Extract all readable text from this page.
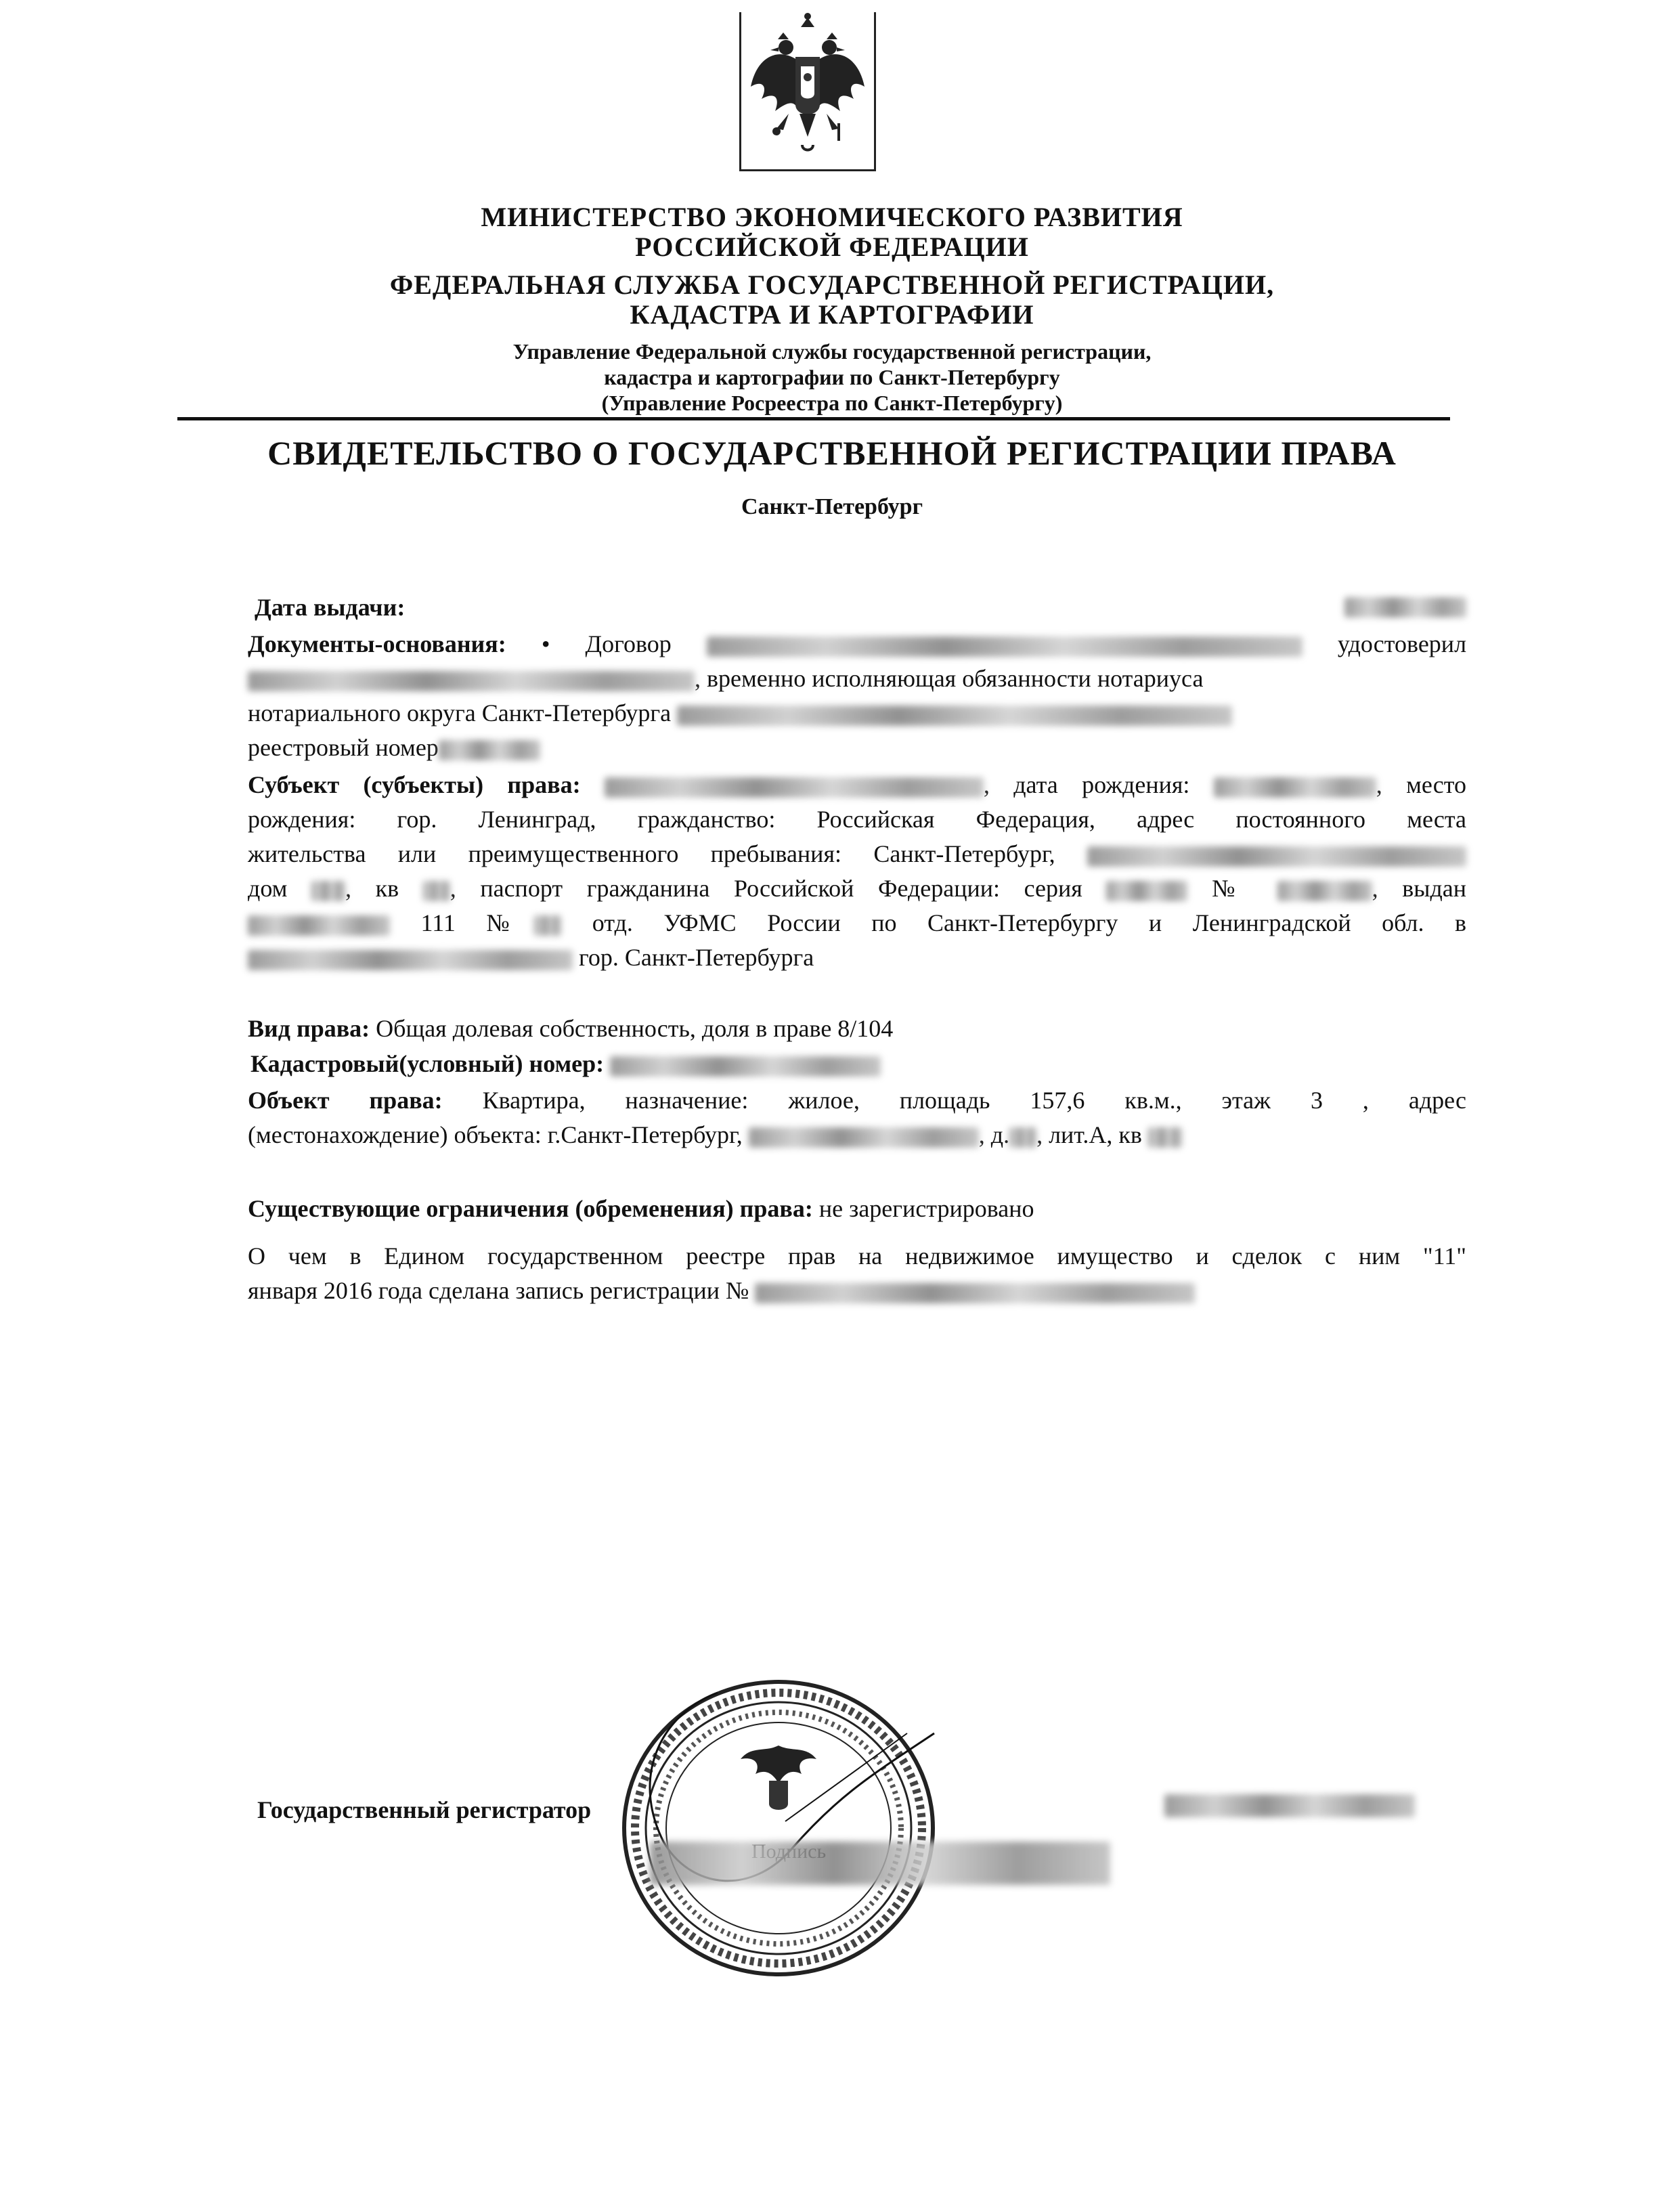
МИНИСТЕРСТВО ЭКОНОМИЧЕСКОГО РАЗВИТИЯ
РОССИЙСКОЙ ФЕДЕРАЦИИ
ФЕДЕРАЛЬНАЯ СЛУЖБА ГОСУДАРСТВЕННОЙ РЕГИСТРАЦИИ,
КАДАСТРА И КАРТОГРАФИИ
Управление Федеральной службы государственной регистрации,
кадастра и картографии по Санкт-Петербургу
(Управление Росреестра по Санкт-Петербургу)
СВИДЕТЕЛЬСТВО О ГОСУДАРСТВЕННОЙ РЕГИСТРАЦИИ ПРАВА
Санкт-Петербург
Дата выдачи:
Документы-основания: • Договор	удостоверил
, временно исполняющая обязанности нотариуса
нотариального округа Санкт-Петербурга
реестровый номер
Субъект (субъекты) права:	, дата рождения:	, место
рождения: гор. Ленинград, гражданство: Российская Федерация, адрес постоянного места
жительства или преимущественного пребывания: Санкт-Петербург,
дом , кв , паспорт гражданина Российской Федерации: серия	№	, выдан
111 № отд. УФМС России по Санкт-Петербургу и Ленинградской обл. в
гор. Санкт-Петербурга
Вид права: Общая долевая собственность, доля в праве 8/104
Кадастровый(условный) номер:
Объект права: Квартира, назначение: жилое, площадь 157,6 кв.м., этаж 3 , адрес
(местонахождение) объекта: г.Санкт-Петербург,	, д. , лит.А, кв
Существующие ограничения (обременения) права: не зарегистрировано
О чем в Едином государственном реестре прав на недвижимое имущество и сделок с ним "11"
января 2016 года сделана запись регистрации №
Государственный регистратор
